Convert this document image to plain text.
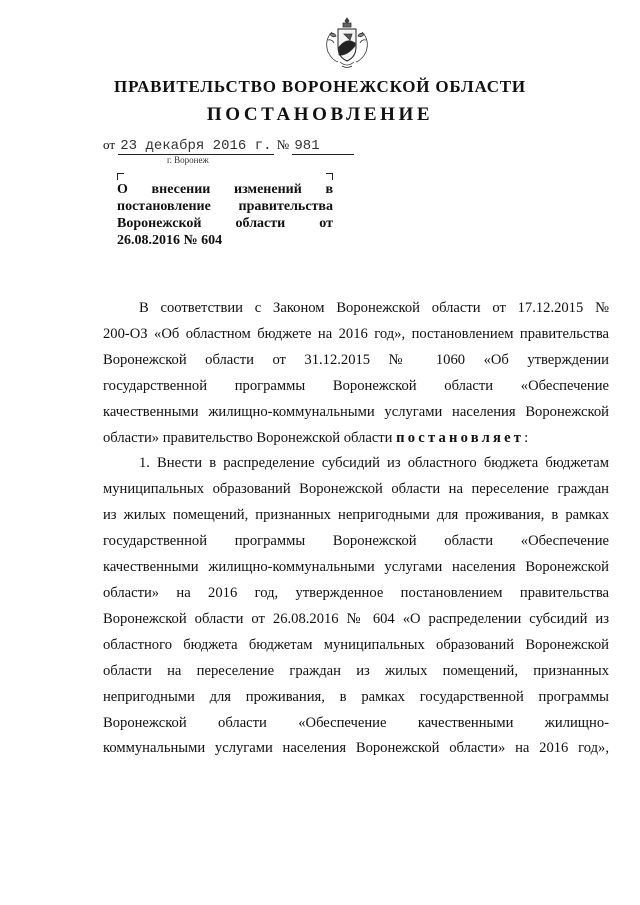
ПРАВИТЕЛЬСТВО ВОРОНЕЖСКОЙ ОБЛАСТИ
ПОСТАНОВЛЕНИЕ
от 23 декабря 2016 г. № 981
г. Воронеж
О внесении изменений в
постановление правительства
Воронежской области от
26.08.2016 № 604
В соответствии с Законом Воронежской области от 17.12.2015 №
200-ОЗ «Об областном бюджете на 2016 год», постановлением правительства
Воронежской области от 31.12.2015 № 1060 «Об утверждении
государственной программы Воронежской области «Обеспечение
качественными жилищно-коммунальными услугами населения Воронежской
области» правительство Воронежской области постановляет:
1. Внести в распределение субсидий из областного бюджета бюджетам
муниципальных образований Воронежской области на переселение граждан
из жилых помещений, признанных непригодными для проживания, в рамках
государственной программы Воронежской области «Обеспечение
качественными жилищно-коммунальными услугами населения Воронежской
области» на 2016 год, утвержденное постановлением правительства
Воронежской области от 26.08.2016 № 604 «О распределении субсидий из
областного бюджета бюджетам муниципальных образований Воронежской
области на переселение граждан из жилых помещений, признанных
непригодными для проживания, в рамках государственной программы
Воронежской области «Обеспечение качественными жилищно-
коммунальными услугами населения Воронежской области» на 2016 год»,
